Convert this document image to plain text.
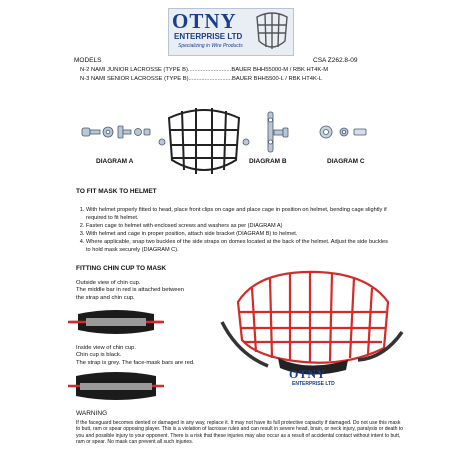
OTNY
ENTERPRISE LTD
Specializing in Wire Products
MODELS	CSA Z262.8-09
N-2 NAMI JUNIOR LACROSSE (TYPE B)...........................BAUER BHH55000-M / RBK HT4K-M
N-3 NAMI SENIOR LACROSSE (TYPE B)...........................BAUER BHH5500-L / RBK HT4K-L
DIAGRAM A	DIAGRAM B	DIAGRAM C
TO FIT MASK TO HELMET
1. With helmet properly fitted to head, place front clips on cage and place cage in position on helmet, bending cage slightly if required to fit helmet.
2. Fasten cage to helmet with enclosed screws and washers as per (DIAGRAM A)
3. With helmet and cage in proper position, attach side bracket (DIAGRAM B) to helmet.
4. Where applicable, snap two buckles of the side straps on domes located at the back of the helmet. Adjust the side buckles to hold mask securely (DIAGRAM C).
FITTING CHIN CUP TO MASK
Outside view of chin cup.
The middle bar in red is attached between
the strap and chin cup.
Inside view of chin cup.
Chin cup is black.
The strap is grey. The face-mask bars are red.
OTNY
ENTERPRISE LTD
WARNING
If the faceguard becomes dented or damaged in any way, replace it. It may not have its full protective capacity if damaged. Do not use this mask to butt, ram or spear opposing player. This is a violation of lacrosse rules and can result in severe head, brain, or neck injury, paralysis or death to you and possible injury to your opponent. There is a risk that these injuries may also occur as a result of accidental contact without intent to butt, ram or spear. No mask can prevent all such injuries.
